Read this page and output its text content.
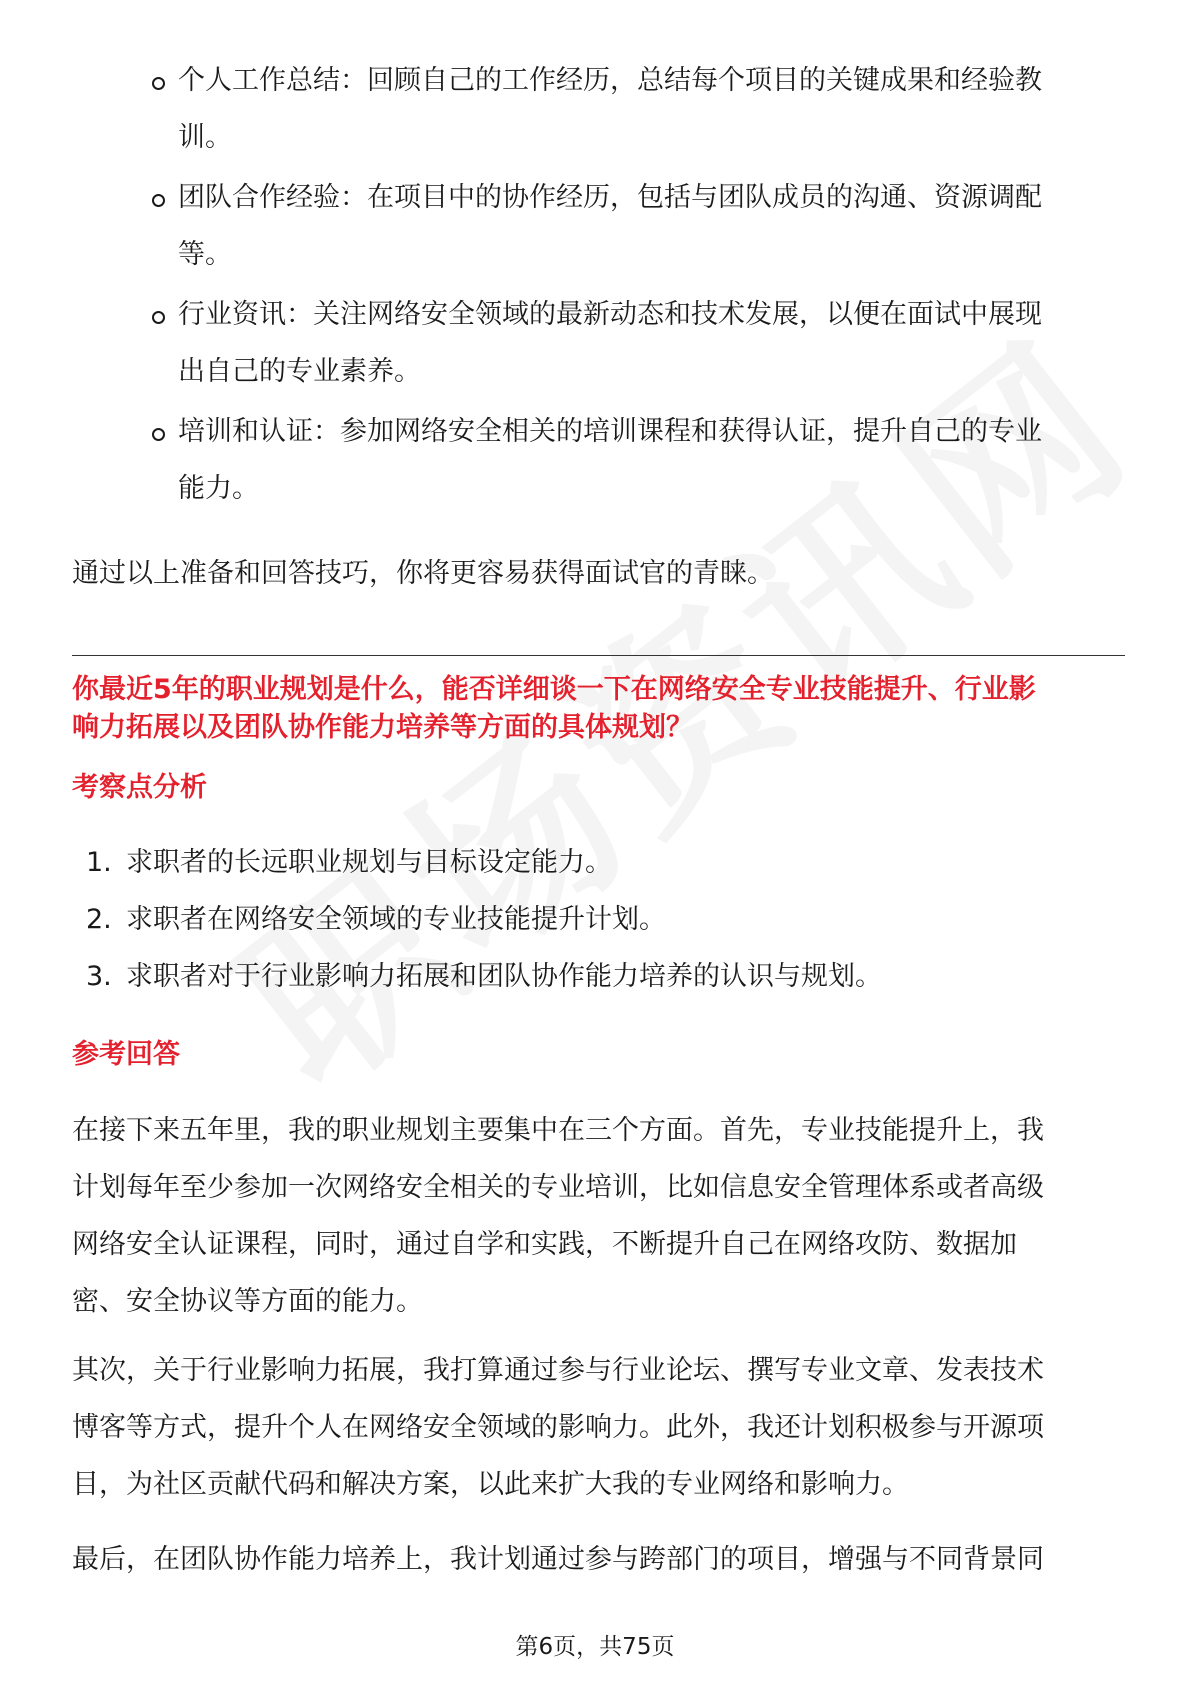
个人工作总结：回顾自己的工作经历，总结每个项目的关键成果和经验教
训。
团队合作经验：在项目中的协作经历，包括与团队成员的沟通、资源调配
等。
行业资讯：关注网络安全领域的最新动态和技术发展，以便在面试中展现
出自己的专业素养。
培训和认证：参加网络安全相关的培训课程和获得认证，提升自己的专业
能力。

通过以上准备和回答技巧，你将更容易获得面试官的青睐。

你最近5年的职业规划是什么，能否详细谈一下在网络安全专业技能提升、行业影
响力拓展以及团队协作能力培养等方面的具体规划？

考察点分析

1. 求职者的长远职业规划与目标设定能力。
2. 求职者在网络安全领域的专业技能提升计划。
3. 求职者对于行业影响力拓展和团队协作能力培养的认识与规划。

参考回答

在接下来五年里，我的职业规划主要集中在三个方面。首先，专业技能提升上，我
计划每年至少参加一次网络安全相关的专业培训，比如信息安全管理体系或者高级
网络安全认证课程，同时，通过自学和实践，不断提升自己在网络攻防、数据加
密、安全协议等方面的能力。

其次，关于行业影响力拓展，我打算通过参与行业论坛、撰写专业文章、发表技术
博客等方式，提升个人在网络安全领域的影响力。此外，我还计划积极参与开源项
目，为社区贡献代码和解决方案，以此来扩大我的专业网络和影响力。

最后，在团队协作能力培养上，我计划通过参与跨部门的项目，增强与不同背景同

第6页，共75页
